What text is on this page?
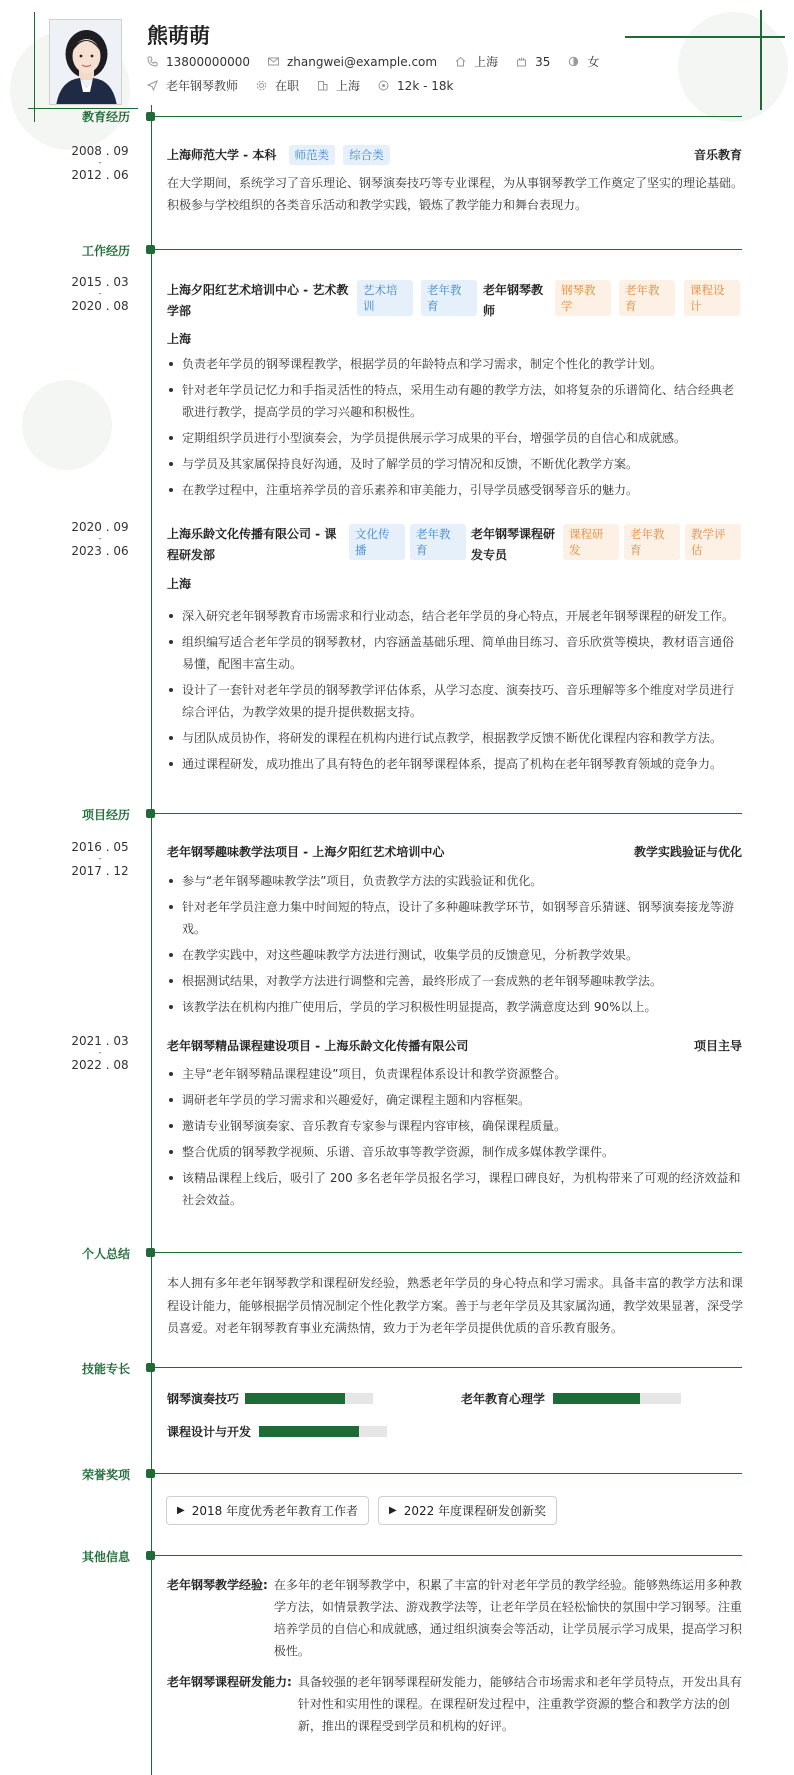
熊萌萌
13800000000	zhangwei@example.com	上海	35	女
老年钢琴教师	在职	上海	12k - 18k
教育经历
2008 . 09
-
2012 . 06
上海师范大学 - 本科 师范类 综合类	音乐教育
在大学期间，系统学习了音乐理论、钢琴演奏技巧等专业课程，为从事钢琴教学工作奠定了坚实的理论基础。积极参与学校组织的各类音乐活动和教学实践，锻炼了教学能力和舞台表现力。
工作经历
2015 . 03
-
2020 . 08
上海夕阳红艺术培训中心 - 艺术教
学部
艺术培
训
老年教
育
老年钢琴教
师
钢琴教
学
老年教
育
课程设
计
上海
负责老年学员的钢琴课程教学，根据学员的年龄特点和学习需求，制定个性化的教学计划。
针对老年学员记忆力和手指灵活性的特点，采用生动有趣的教学方法，如将复杂的乐谱简化、结合经典老歌进行教学，提高学员的学习兴趣和积极性。
定期组织学员进行小型演奏会，为学员提供展示学习成果的平台，增强学员的自信心和成就感。
与学员及其家属保持良好沟通，及时了解学员的学习情况和反馈，不断优化教学方案。
在教学过程中，注重培养学员的音乐素养和审美能力，引导学员感受钢琴音乐的魅力。
2020 . 09
-
2023 . 06
上海乐龄文化传播有限公司 - 课
程研发部
文化传
播
老年教
育
老年钢琴课程研
发专员
课程研
发
老年教
育
教学评
估
上海
深入研究老年钢琴教育市场需求和行业动态，结合老年学员的身心特点，开展老年钢琴课程的研发工作。
组织编写适合老年学员的钢琴教材，内容涵盖基础乐理、简单曲目练习、音乐欣赏等模块，教材语言通俗易懂，配图丰富生动。
设计了一套针对老年学员的钢琴教学评估体系，从学习态度、演奏技巧、音乐理解等多个维度对学员进行综合评估，为教学效果的提升提供数据支持。
与团队成员协作，将研发的课程在机构内进行试点教学，根据教学反馈不断优化课程内容和教学方法。
通过课程研发，成功推出了具有特色的老年钢琴课程体系，提高了机构在老年钢琴教育领域的竞争力。
项目经历
2016 . 05
-
2017 . 12
老年钢琴趣味教学法项目 - 上海夕阳红艺术培训中心	教学实践验证与优化
参与“老年钢琴趣味教学法”项目，负责教学方法的实践验证和优化。
针对老年学员注意力集中时间短的特点，设计了多种趣味教学环节，如钢琴音乐猜谜、钢琴演奏接龙等游戏。
在教学实践中，对这些趣味教学方法进行测试，收集学员的反馈意见，分析教学效果。
根据测试结果，对教学方法进行调整和完善，最终形成了一套成熟的老年钢琴趣味教学法。
该教学法在机构内推广使用后，学员的学习积极性明显提高，教学满意度达到 90%以上。
2021 . 03
-
2022 . 08
老年钢琴精品课程建设项目 - 上海乐龄文化传播有限公司	项目主导
主导“老年钢琴精品课程建设”项目，负责课程体系设计和教学资源整合。
调研老年学员的学习需求和兴趣爱好，确定课程主题和内容框架。
邀请专业钢琴演奏家、音乐教育专家参与课程内容审核，确保课程质量。
整合优质的钢琴教学视频、乐谱、音乐故事等教学资源，制作成多媒体教学课件。
该精品课程上线后，吸引了 200 多名老年学员报名学习，课程口碑良好，为机构带来了可观的经济效益和社会效益。
个人总结
本人拥有多年老年钢琴教学和课程研发经验，熟悉老年学员的身心特点和学习需求。具备丰富的教学方法和课程设计能力，能够根据学员情况制定个性化教学方案。善于与老年学员及其家属沟通，教学效果显著，深受学员喜爱。对老年钢琴教育事业充满热情，致力于为老年学员提供优质的音乐教育服务。
技能专长
钢琴演奏技巧	老年教育心理学
课程设计与开发
荣誉奖项
▶ 2018 年度优秀老年教育工作者	▶ 2022 年度课程研发创新奖
其他信息
老年钢琴教学经验: 在多年的老年钢琴教学中，积累了丰富的针对老年学员的教学经验。能够熟练运用多种教
学方法，如情景教学法、游戏教学法等，让老年学员在轻松愉快的氛围中学习钢琴。注重
培养学员的自信心和成就感，通过组织演奏会等活动，让学员展示学习成果，提高学习积
极性。
老年钢琴课程研发能力: 具备较强的老年钢琴课程研发能力，能够结合市场需求和老年学员特点，开发出具有
针对性和实用性的课程。在课程研发过程中，注重教学资源的整合和教学方法的创
新，推出的课程受到学员和机构的好评。
